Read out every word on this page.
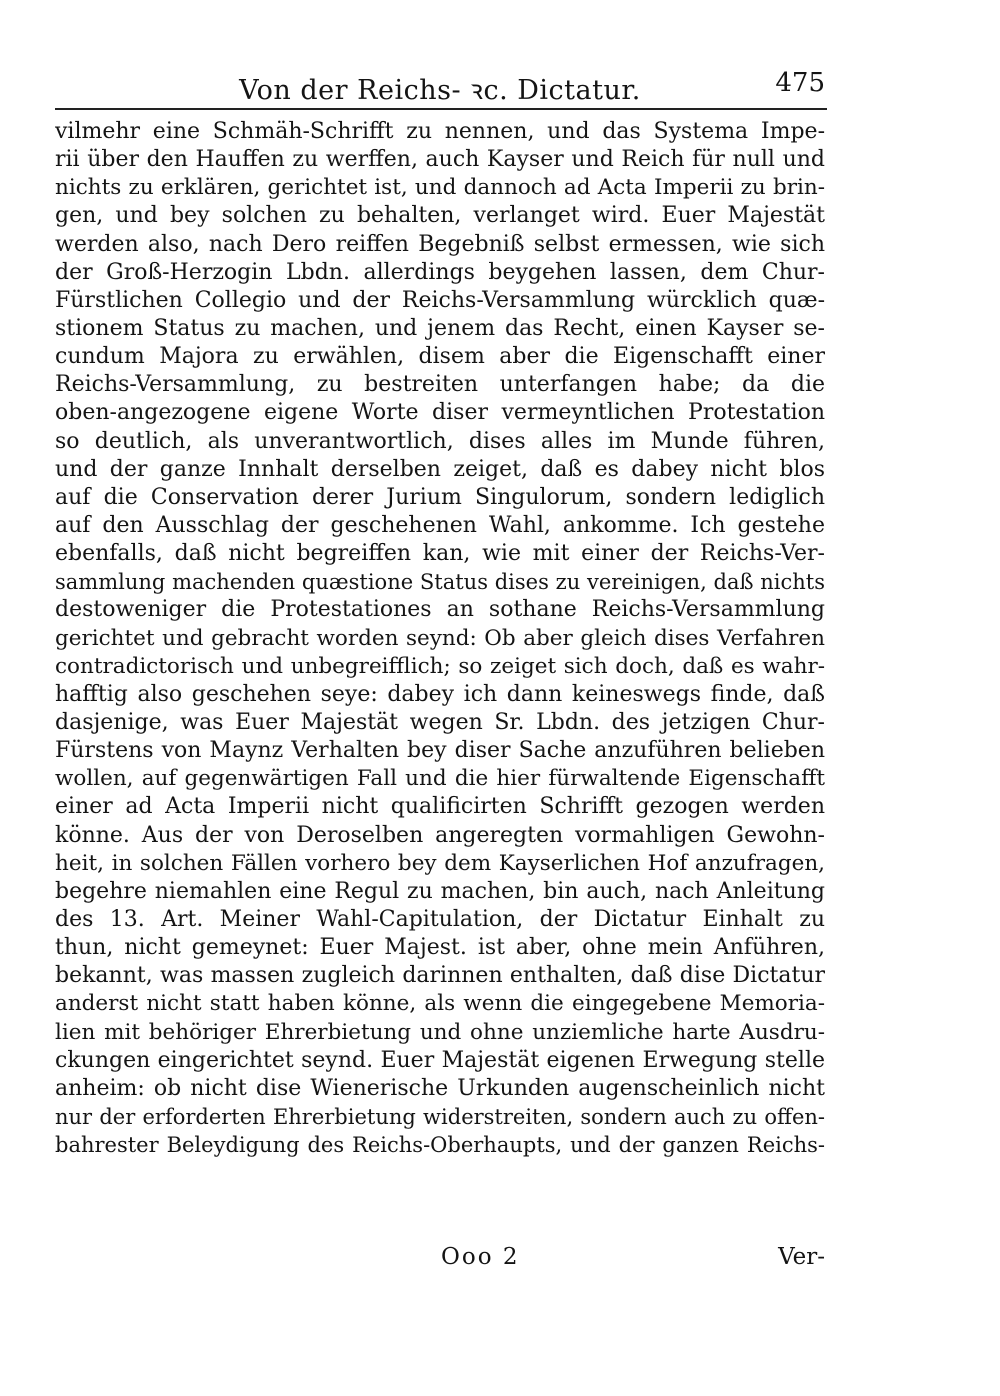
Von der Reichs- ꝛc. Dictatur.	475
vilmehr eine Schmäh-Schrifft zu nennen, und das Systema Impe-
rii über den Hauffen zu werffen, auch Kayser und Reich für null und
nichts zu erklären, gerichtet ist, und dannoch ad Acta Imperii zu brin-
gen, und bey solchen zu behalten, verlanget wird. Euer Majestät
werden also, nach Dero reiffen Begebniß selbst ermessen, wie sich
der Groß-Herzogin Lbdn. allerdings beygehen lassen, dem Chur-
Fürstlichen Collegio und der Reichs-Versammlung würcklich quæ-
stionem Status zu machen, und jenem das Recht, einen Kayser se-
cundum Majora zu erwählen, disem aber die Eigenschafft einer
Reichs-Versammlung, zu bestreiten unterfangen habe; da die
oben-angezogene eigene Worte diser vermeyntlichen Protestation
so deutlich, als unverantwortlich, dises alles im Munde führen,
und der ganze Innhalt derselben zeiget, daß es dabey nicht blos
auf die Conservation derer Jurium Singulorum, sondern lediglich
auf den Ausschlag der geschehenen Wahl, ankomme. Ich gestehe
ebenfalls, daß nicht begreiffen kan, wie mit einer der Reichs-Ver-
sammlung machenden quæstione Status dises zu vereinigen, daß nichts
destoweniger die Protestationes an sothane Reichs-Versammlung
gerichtet und gebracht worden seynd: Ob aber gleich dises Verfahren
contradictorisch und unbegreifflich; so zeiget sich doch, daß es wahr-
hafftig also geschehen seye: dabey ich dann keineswegs finde, daß
dasjenige, was Euer Majestät wegen Sr. Lbdn. des jetzigen Chur-
Fürstens von Maynz Verhalten bey diser Sache anzuführen belieben
wollen, auf gegenwärtigen Fall und die hier fürwaltende Eigenschafft
einer ad Acta Imperii nicht qualificirten Schrifft gezogen werden
könne. Aus der von Deroselben angeregten vormahligen Gewohn-
heit, in solchen Fällen vorhero bey dem Kayserlichen Hof anzufragen,
begehre niemahlen eine Regul zu machen, bin auch, nach Anleitung
des 13. Art. Meiner Wahl-Capitulation, der Dictatur Einhalt zu
thun, nicht gemeynet: Euer Majest. ist aber, ohne mein Anführen,
bekannt, was massen zugleich darinnen enthalten, daß dise Dictatur
anderst nicht statt haben könne, als wenn die eingegebene Memoria-
lien mit behöriger Ehrerbietung und ohne unziemliche harte Ausdru-
ckungen eingerichtet seynd. Euer Majestät eigenen Erwegung stelle
anheim: ob nicht dise Wienerische Urkunden augenscheinlich nicht
nur der erforderten Ehrerbietung widerstreiten, sondern auch zu offen-
bahrester Beleydigung des Reichs-Oberhaupts, und der ganzen Reichs-
Ooo 2	Ver-
